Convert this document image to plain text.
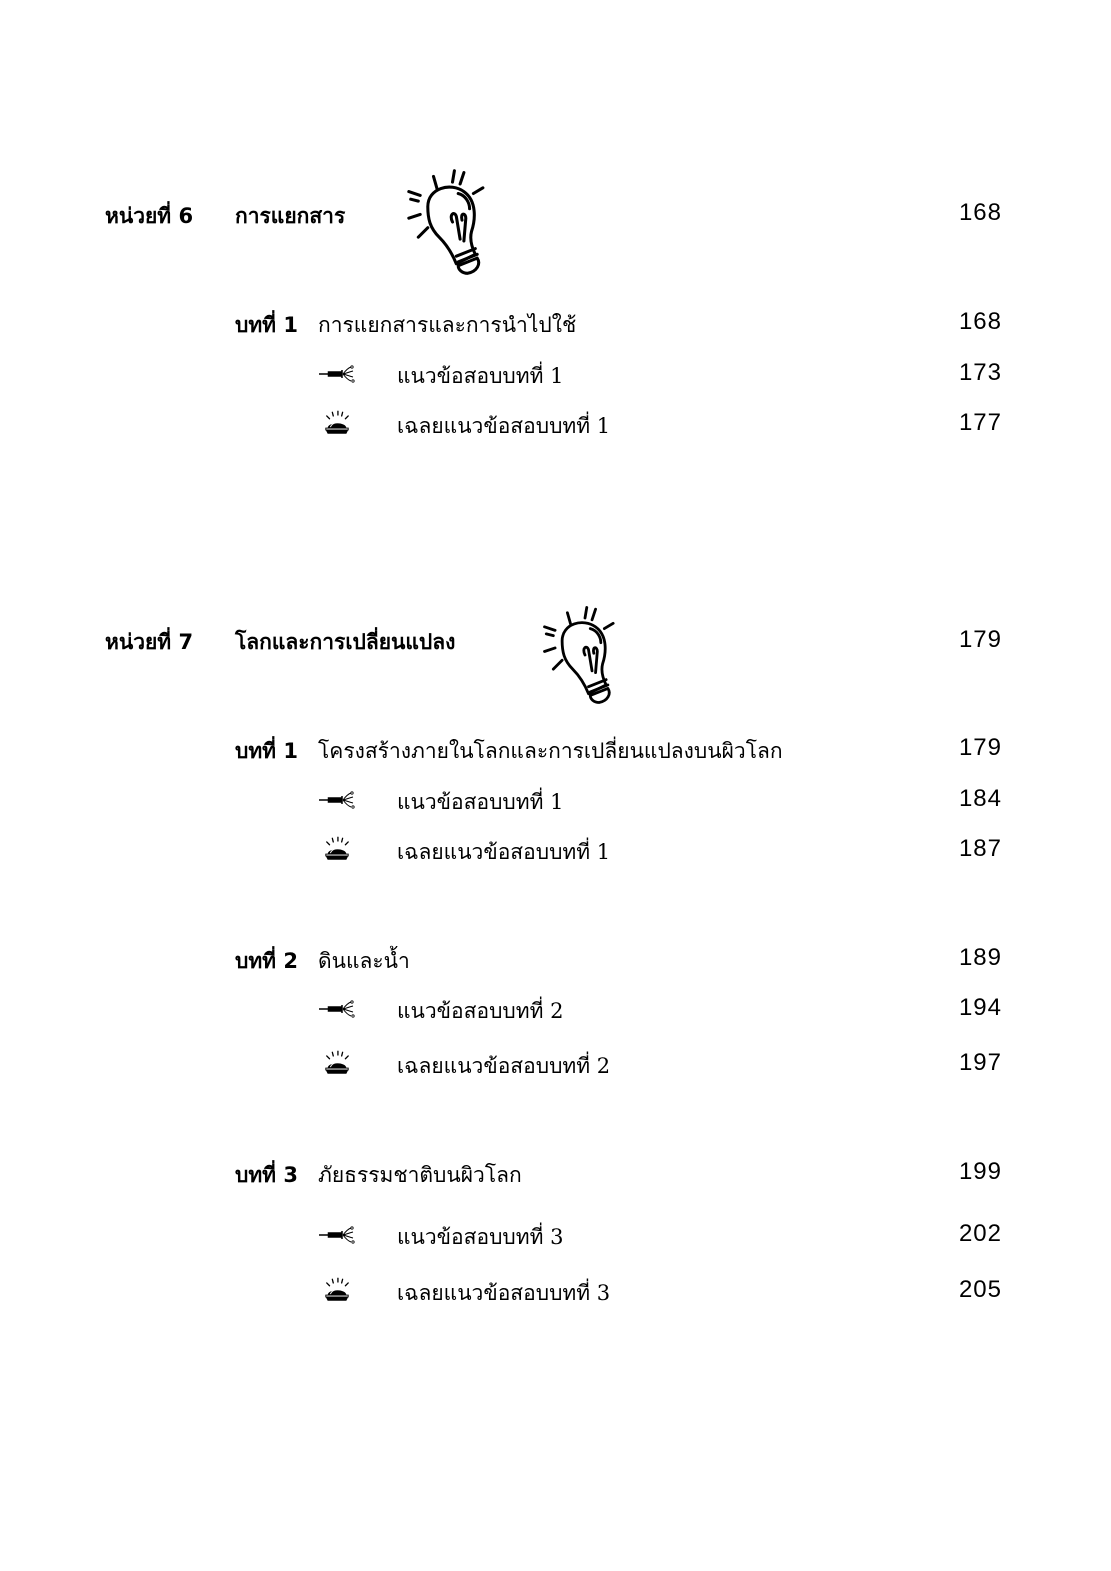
หน่วยที่ 6 การแยกสาร	168
บทที่ 1 การแยกสารและการนำไปใช้	168
แนวข้อสอบบทที่ 1	173
เฉลยแนวข้อสอบบทที่ 1	177
หน่วยที่ 7 โลกและการเปลี่ยนแปลง	179
บทที่ 1 โครงสร้างภายในโลกและการเปลี่ยนแปลงบนผิวโลก	179
แนวข้อสอบบทที่ 1	184
เฉลยแนวข้อสอบบทที่ 1	187
บทที่ 2 ดินและน้ำ	189
แนวข้อสอบบทที่ 2	194
เฉลยแนวข้อสอบบทที่ 2	197
บทที่ 3 ภัยธรรมชาติบนผิวโลก	199
แนวข้อสอบบทที่ 3	202
เฉลยแนวข้อสอบบทที่ 3	205
